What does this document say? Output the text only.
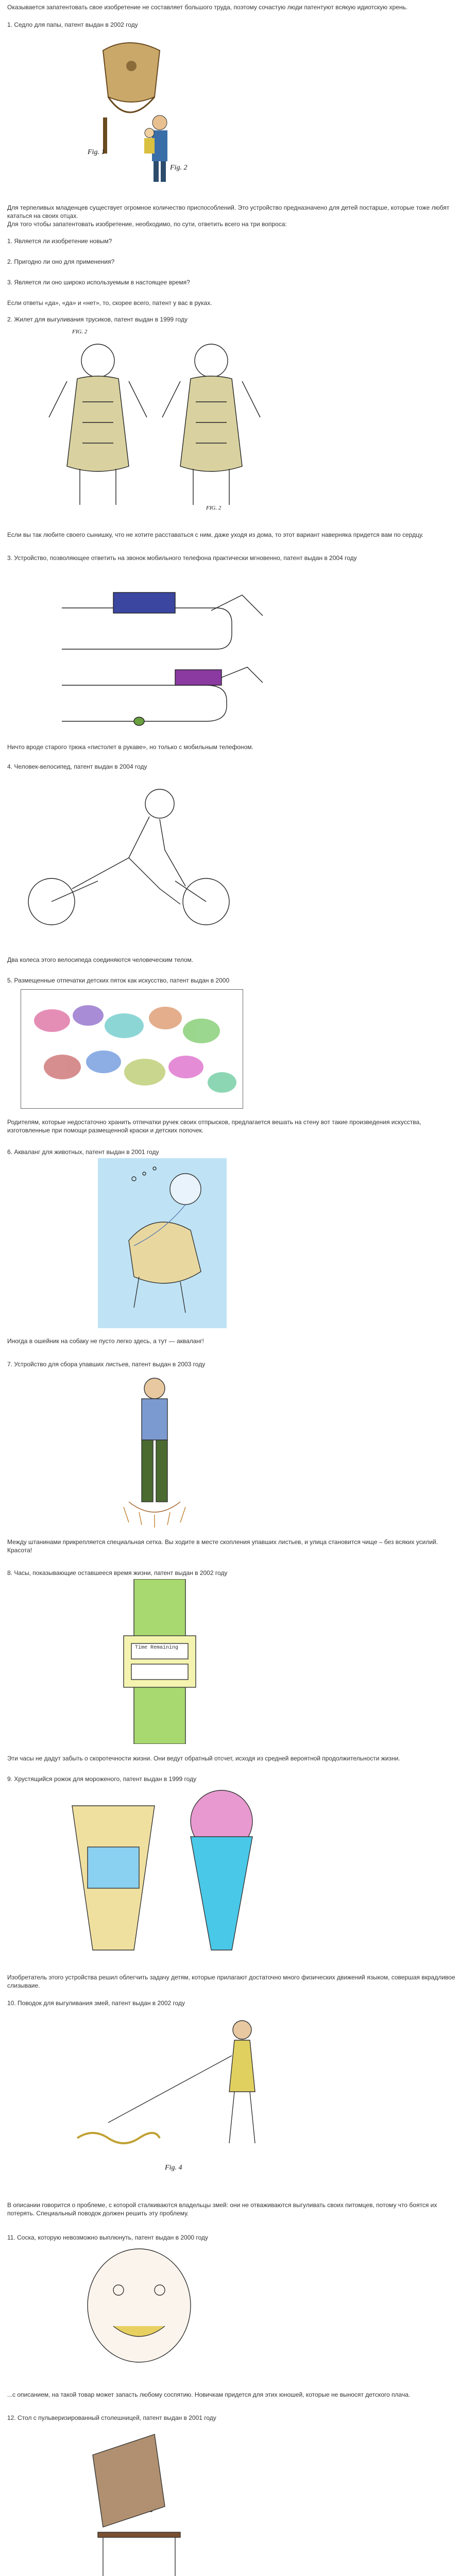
Оказывается запатентовать свое изобретение не составляет большого труда, поэтому сочастую люди патентуют всякую идиотскую хрень.
1. Седло для папы, патент выдан в 2002 году
Fig. 1
Fig. 2
Для терпеливых младенцев существует огромное количество приспособлений. Это устройство предназначено для детей постарше, которые тоже любят кататься на своих отцах.
Для того чтобы запатентовать изобретение, необходимо, по сути, ответить всего на три вопроса:
1. Является ли изобретение новым?
2. Пригодно ли оно для применения?
3. Является ли оно широко используемым в настоящее время?
Если ответы «да», «да» и «нет», то, скорее всего, патент у вас в руках.
2. Жилет для выгуливания трусиков, патент выдан в 1999 году
FIG. 2
FIG. 2
Если вы так любите своего сынишку, что не хотите расставаться с ним, даже уходя из дома, то этот вариант наверняка придется вам по сердцу.
3. Устройство, позволяющее ответить на звонок мобильного телефона практически мгновенно, патент выдан в 2004 году
Ничто вроде старого трюка «пистолет в рукаве», но только с мобильным телефоном.
4. Человек-велосипед, патент выдан в 2004 году
Два колеса этого велосипеда соединяются человеческим телом.
5. Размещенные отпечатки детских пяток как искусство, патент выдан в 2000
Родителям, которые недостаточно хранить отпечатки ручек своих отпрысков, предлагается вешать на стену вот такие произведения искусства, изготовленные при помощи размещенной краски и детских попочек.
6. Акваланг для животных, патент выдан в 2001 году
Иногда в ошейник на собаку не пусто легко здесь, а тут — акваланг!
7. Устройство для сбора упавших листьев, патент выдан в 2003 году
Между штанинами прикрепляется специальная сетка. Вы ходите в месте скопления упавших листьев, и улица становится чище – без всяких усилий. Красота!
8. Часы, показывающие оставшееся время жизни, патент выдан в 2002 году
Time Remaining
Эти часы не дадут забыть о скоротечности жизни. Они ведут обратный отсчет, исходя из средней вероятной продолжительности жизни.
9. Хрустящийся рожок для мороженого, патент выдан в 1999 году
Изобретатель этого устройства решил облегчить задачу детям, которые прилагают достаточно много физических движений языком, совершая вкрадливое слизываие.
10. Поводок для выгуливания змей, патент выдан в 2002 году
Fig. 4
В описании говорится о проблеме, с которой сталкиваются владельцы змей: они не отваживаются выгуливать своих питомцев, потому что боятся их потерять. Специальный поводок должен решить эту проблему.
11. Соска, которую невозможно выплюнуть, патент выдан в 2000 году
...с описанием, на такой товар может запасть любому соспятию. Новичкам придется для этих юношей, которые не выносят детского плача.
12. Стол с пульверизированный столешницей, патент выдан в 2001 году
